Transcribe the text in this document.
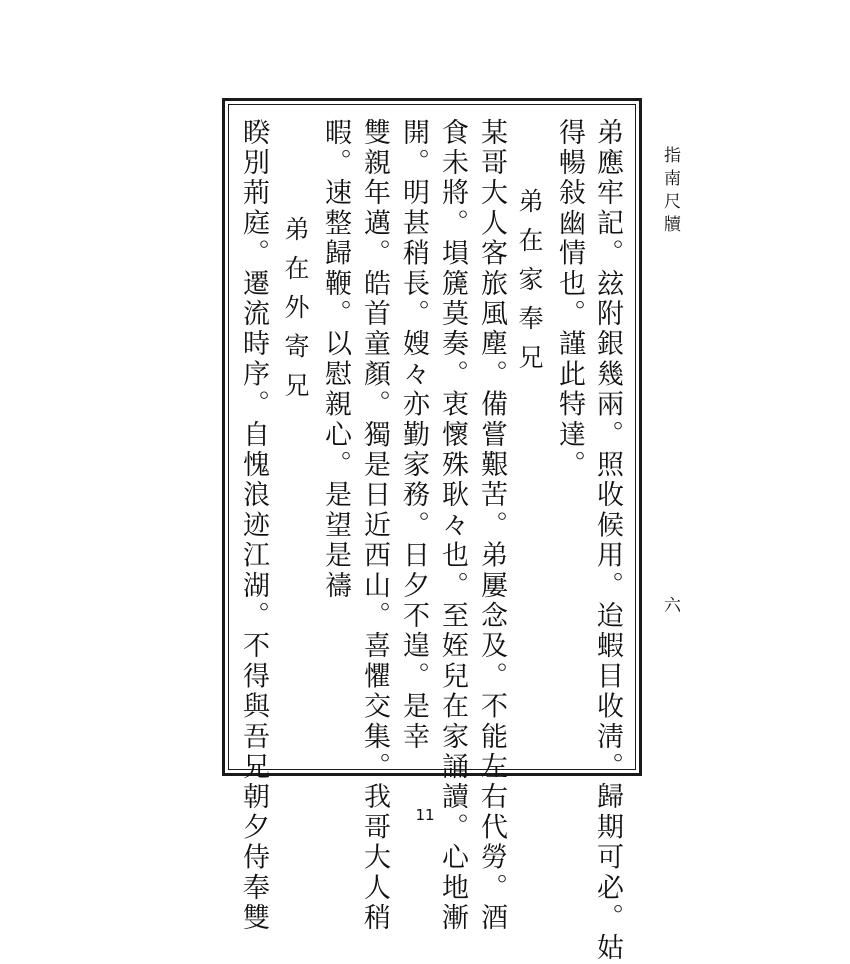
指南尺牘
六
弟應牢記。玆附銀幾兩。照收候用。迨蝦目收淸。歸期可必。姑
得暢敍幽情也。謹此特達。
弟在家奉兄
某哥大人客旅風塵。備嘗艱苦。弟屢念及。不能左右代勞。酒
食未將。塤篪莫奏。衷懷殊耿々也。至姪兒在家誦讀。心地漸
開。明甚稍長。嫂々亦勤家務。日夕不遑。是幸
雙親年邁。皓首童顏。獨是日近西山。喜懼交集。我哥大人稍
暇。速整歸鞭。以慰親心。是望是禱
弟在外寄兄
睽別荊庭。遷流時序。自愧浪迹江湖。不得與吾兄朝夕侍奉雙	11
